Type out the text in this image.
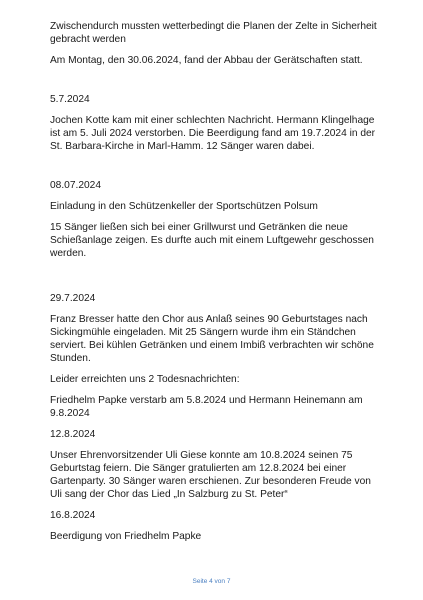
Zwischendurch mussten wetterbedingt die Planen der Zelte in Sicherheit gebracht werden

Am Montag, den 30.06.2024, fand der Abbau der Gerätschaften statt.

5.7.2024

Jochen Kotte kam mit einer schlechten Nachricht. Hermann Klingelhage ist am 5. Juli 2024 verstorben. Die Beerdigung fand am 19.7.2024 in der St. Barbara-Kirche in Marl-Hamm. 12 Sänger waren dabei.

08.07.2024

Einladung in den Schützenkeller der Sportschützen Polsum

15 Sänger ließen sich bei einer Grillwurst und Getränken die neue Schießanlage zeigen. Es durfte auch mit einem Luftgewehr geschossen werden.

29.7.2024

Franz Bresser hatte den Chor aus Anlaß seines 90 Geburtstages nach Sickingmühle eingeladen. Mit 25 Sängern wurde ihm ein Ständchen serviert. Bei kühlen Getränken und einem Imbiß verbrachten wir schöne Stunden.

Leider erreichten uns 2 Todesnachrichten:

Friedhelm Papke verstarb am 5.8.2024 und Hermann Heinemann am 9.8.2024

12.8.2024

Unser Ehrenvorsitzender Uli Giese konnte am 10.8.2024 seinen 75 Geburtstag feiern. Die Sänger gratulierten am 12.8.2024 bei einer Gartenparty. 30 Sänger waren erschienen. Zur besonderen Freude von Uli sang der Chor das Lied „In Salzburg zu St. Peter“

16.8.2024

Beerdigung von Friedhelm Papke

Seite 4 von 7
